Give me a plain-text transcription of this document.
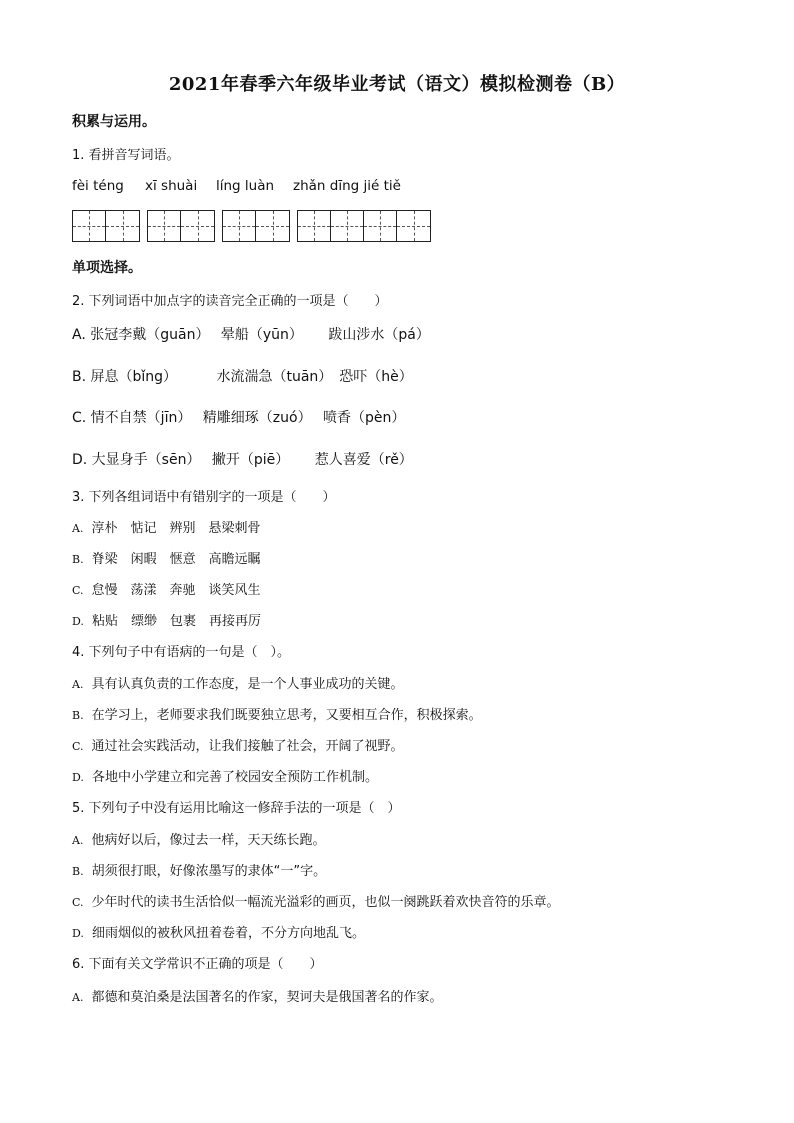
2021年春季六年级毕业考试（语文）模拟检测卷（B）
积累与运用。
1. 看拼音写词语。
fèi téng xī shuài líng luàn zhǎn dīng jié tiě
单项选择。
2. 下列词语中加点字的读音完全正确的一项是（　　）
A. 张冠李戴（guān）　 晕船（yūn）　　 跋山涉水（pá）
B. 屏息（bǐng）　　　 水流湍急（tuān）　恐吓（hè）
C. 情不自禁（jīn）　 精雕细琢（zuó）　 喷香（pèn）
D. 大显身手（sēn）　 撇开（piē）　　 惹人喜爱（rě）
3. 下列各组词语中有错别字的一项是（　　）
A. 淳朴　惦记　辨别　悬梁刺骨
B. 脊梁　闲暇　惬意　高瞻远瞩
C. 怠慢　荡漾　奔驰　谈笑风生
D. 粘贴　缥缈　包裹　再接再厉
4. 下列句子中有语病的一句是（　）。
A. 具有认真负责的工作态度，是一个人事业成功的关键。
B. 在学习上，老师要求我们既要独立思考，又要相互合作，积极探索。
C. 通过社会实践活动，让我们接触了社会，开阔了视野。
D. 各地中小学建立和完善了校园安全预防工作机制。
5. 下列句子中没有运用比喻这一修辞手法的一项是（　）
A. 他病好以后，像过去一样，天天练长跑。
B. 胡须很打眼，好像浓墨写的隶体“一”字。
C. 少年时代的读书生活恰似一幅流光溢彩的画页，也似一阕跳跃着欢快音符的乐章。
D. 细雨烟似的被秋风扭着卷着，不分方向地乱飞。
6. 下面有关文学常识不正确的项是（　　）
A. 都德和莫泊桑是法国著名的作家，契诃夫是俄国著名的作家。
